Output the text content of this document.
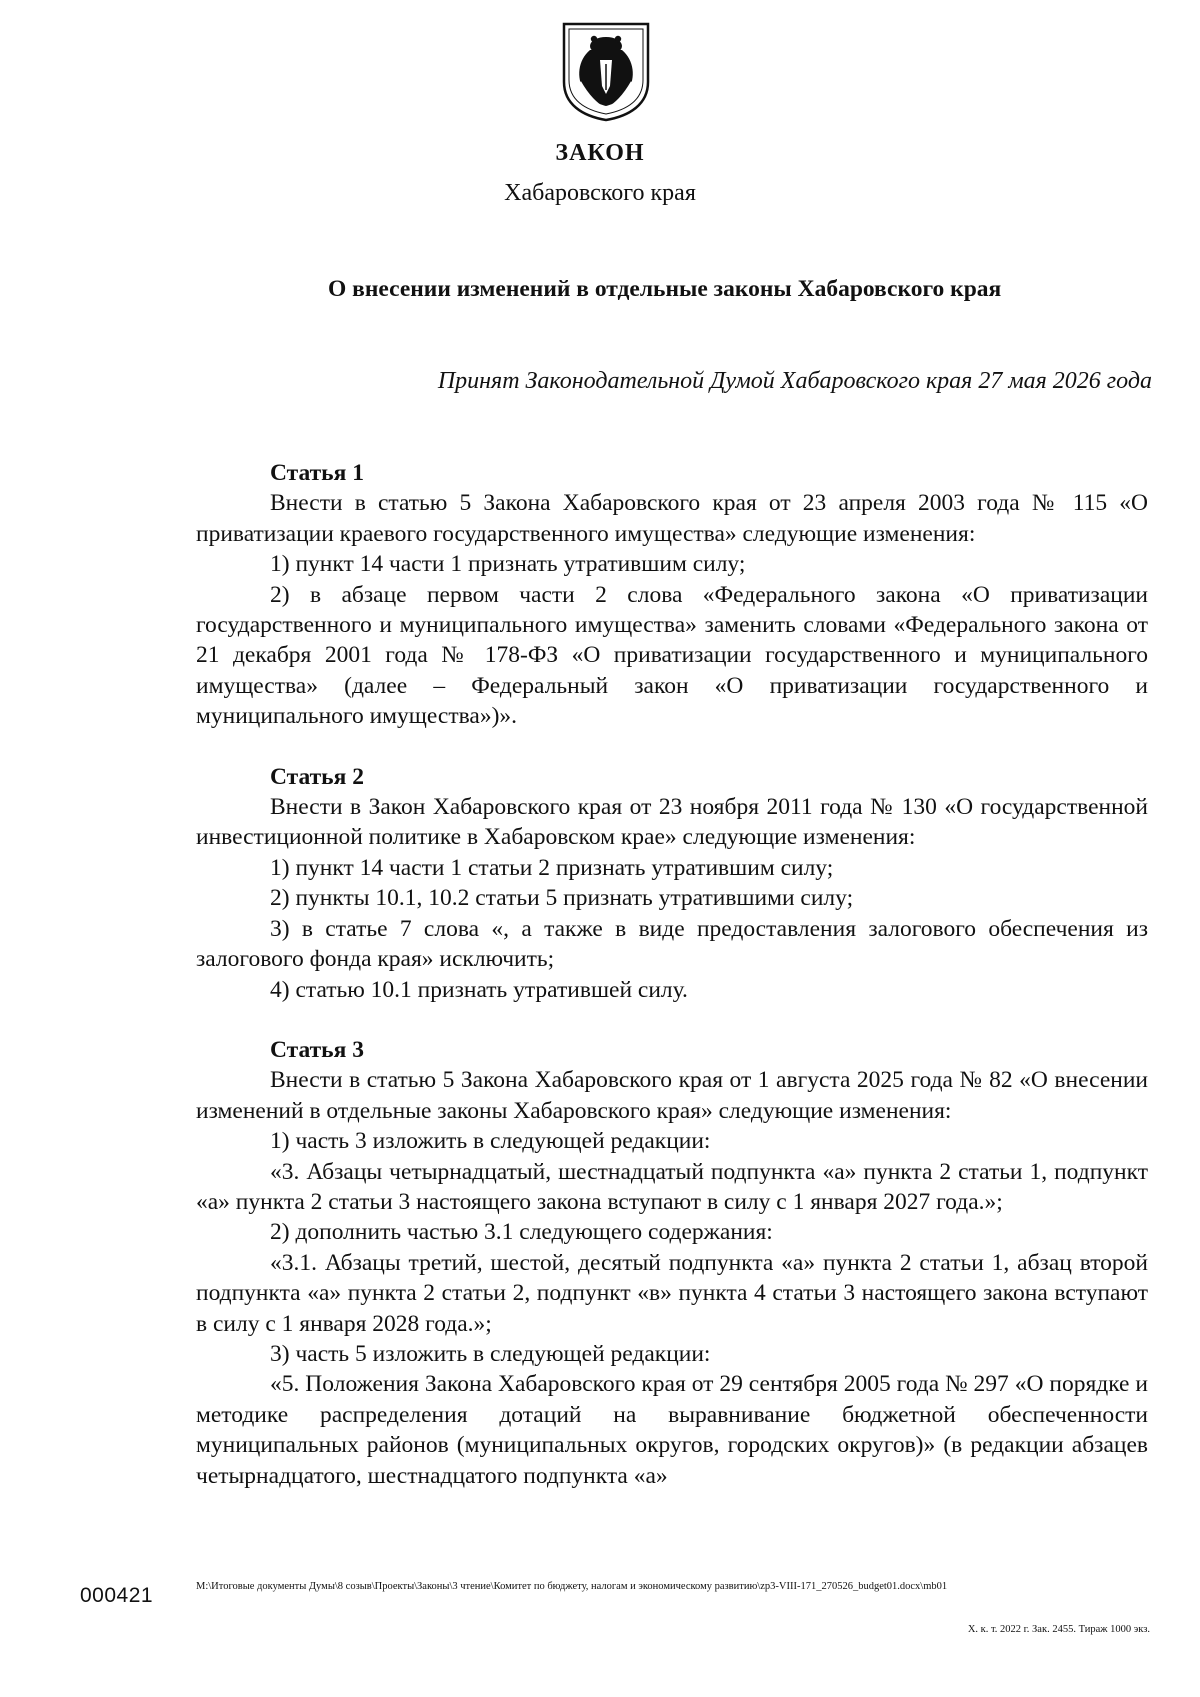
ЗАКОН
Хабаровского края
О внесении изменений в отдельные законы Хабаровского края
Принят Законодательной Думой Хабаровского края 27 мая 2026 года
Статья 1

Внести в статью 5 Закона Хабаровского края от 23 апреля 2003 года № 115 «О приватизации краевого государственного имущества» следующие изменения:

1) пункт 14 части 1 признать утратившим силу;

2) в абзаце первом части 2 слова «Федерального закона «О приватизации государственного и муниципального имущества» заменить словами «Федерального закона от 21 декабря 2001 года № 178-ФЗ «О приватизации государственного и муниципального имущества» (далее – Федеральный закон «О приватизации государственного и муниципального имущества»)».

Статья 2

Внести в Закон Хабаровского края от 23 ноября 2011 года № 130 «О государственной инвестиционной политике в Хабаровском крае» следующие изменения:

1) пункт 14 части 1 статьи 2 признать утратившим силу;

2) пункты 10.1, 10.2 статьи 5 признать утратившими силу;

3) в статье 7 слова «, а также в виде предоставления залогового обеспечения из залогового фонда края» исключить;

4) статью 10.1 признать утратившей силу.

Статья 3

Внести в статью 5 Закона Хабаровского края от 1 августа 2025 года № 82 «О внесении изменений в отдельные законы Хабаровского края» следующие изменения:

1) часть 3 изложить в следующей редакции:

«3. Абзацы четырнадцатый, шестнадцатый подпункта «а» пункта 2 статьи 1, подпункт «а» пункта 2 статьи 3 настоящего закона вступают в силу с 1 января 2027 года.»;

2) дополнить частью 3.1 следующего содержания:

«3.1. Абзацы третий, шестой, десятый подпункта «а» пункта 2 статьи 1, абзац второй подпункта «а» пункта 2 статьи 2, подпункт «в» пункта 4 статьи 3 настоящего закона вступают в силу с 1 января 2028 года.»;

3) часть 5 изложить в следующей редакции:

«5. Положения Закона Хабаровского края от 29 сентября 2005 года № 297 «О порядке и методике распределения дотаций на выравнивание бюджетной обеспеченности муниципальных районов (муниципальных округов, городских округов)» (в редакции абзацев четырнадцатого, шестнадцатого подпункта «а»

000421	M:\Итоговые документы Думы\8 созыв\Проекты\Законы\3 чтение\Комитет по бюджету, налогам и экономическому развитию\zp3-VIII-171_270526_budget01.docx\mb01
Х. к. т. 2022 г. Зак. 2455. Тираж 1000 экз.
